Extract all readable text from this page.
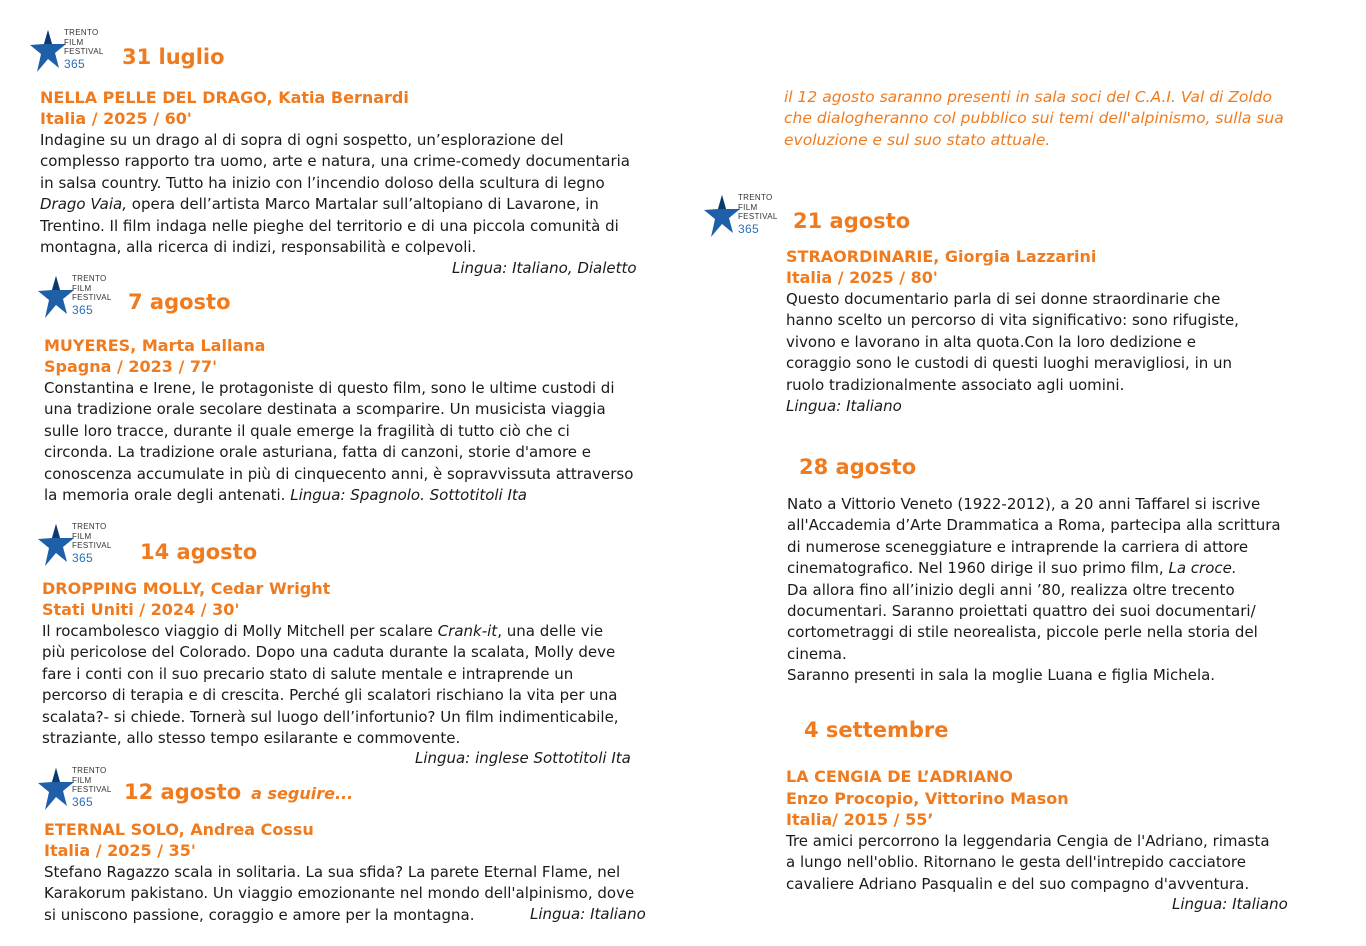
TRENTO
FILM
FESTIVAL
365	31 luglio
NELLA PELLE DEL DRAGO, Katia Bernardi
Italia / 2025 / 60'
Indagine su un drago al di sopra di ogni sospetto, un’esplorazione del
complesso rapporto tra uomo, arte e natura, una crime-comedy documentaria
in salsa country. Tutto ha inizio con l’incendio doloso della scultura di legno
Drago Vaia, opera dell’artista Marco Martalar sull’altopiano di Lavarone, in
Trentino. Il film indaga nelle pieghe del territorio e di una piccola comunità di
montagna, alla ricerca di indizi, responsabilità e colpevoli.
Lingua: Italiano, Dialetto
TRENTO
FILM
FESTIVAL
365	7 agosto
MUYERES, Marta Lallana
Spagna / 2023 / 77'
Constantina e Irene, le protagoniste di questo film, sono le ultime custodi di
una tradizione orale secolare destinata a scomparire. Un musicista viaggia
sulle loro tracce, durante il quale emerge la fragilità di tutto ciò che ci
circonda. La tradizione orale asturiana, fatta di canzoni, storie d'amore e
conoscenza accumulate in più di cinquecento anni, è sopravvissuta attraverso
la memoria orale degli antenati. Lingua: Spagnolo. Sottotitoli Ita
TRENTO
FILM
FESTIVAL
365	14 agosto
DROPPING MOLLY, Cedar Wright
Stati Uniti / 2024 / 30'
Il rocambolesco viaggio di Molly Mitchell per scalare Crank-it, una delle vie
più pericolose del Colorado. Dopo una caduta durante la scalata, Molly deve
fare i conti con il suo precario stato di salute mentale e intraprende un
percorso di terapia e di crescita. Perché gli scalatori rischiano la vita per una
scalata?- si chiede. Tornerà sul luogo dell’infortunio? Un film indimenticabile,
straziante, allo stesso tempo esilarante e commovente.
Lingua: inglese Sottotitoli Ita
TRENTO
FILM
FESTIVAL
365	12 agosto a seguire...
ETERNAL SOLO, Andrea Cossu
Italia / 2025 / 35'
Stefano Ragazzo scala in solitaria. La sua sfida? La parete Eternal Flame, nel
Karakorum pakistano. Un viaggio emozionante nel mondo dell'alpinismo, dove
si uniscono passione, coraggio e amore per la montagna.	Lingua: Italiano
il 12 agosto saranno presenti in sala soci del C.A.I. Val di Zoldo
che dialogheranno col pubblico sui temi dell'alpinismo, sulla sua
evoluzione e sul suo stato attuale.
TRENTO
FILM
FESTIVAL
365	21 agosto
STRAORDINARIE, Giorgia Lazzarini
Italia / 2025 / 80'
Questo documentario parla di sei donne straordinarie che
hanno scelto un percorso di vita significativo: sono rifugiste,
vivono e lavorano in alta quota.Con la loro dedizione e
coraggio sono le custodi di questi luoghi meravigliosi, in un
ruolo tradizionalmente associato agli uomini.
Lingua: Italiano
28 agosto
Nato a Vittorio Veneto (1922-2012), a 20 anni Taffarel si iscrive
all'Accademia d’Arte Drammatica a Roma, partecipa alla scrittura
di numerose sceneggiature e intraprende la carriera di attore
cinematografico. Nel 1960 dirige il suo primo film, La croce.
Da allora fino all’inizio degli anni ’80, realizza oltre trecento
documentari. Saranno proiettati quattro dei suoi documentari/
cortometraggi di stile neorealista, piccole perle nella storia del
cinema.
Saranno presenti in sala la moglie Luana e figlia Michela.
4 settembre
LA CENGIA DE L’ADRIANO
Enzo Procopio, Vittorino Mason
Italia/ 2015 / 55’
Tre amici percorrono la leggendaria Cengia de l'Adriano, rimasta
a lungo nell'oblio. Ritornano le gesta dell'intrepido cacciatore
cavaliere Adriano Pasqualin e del suo compagno d'avventura.
Lingua: Italiano
